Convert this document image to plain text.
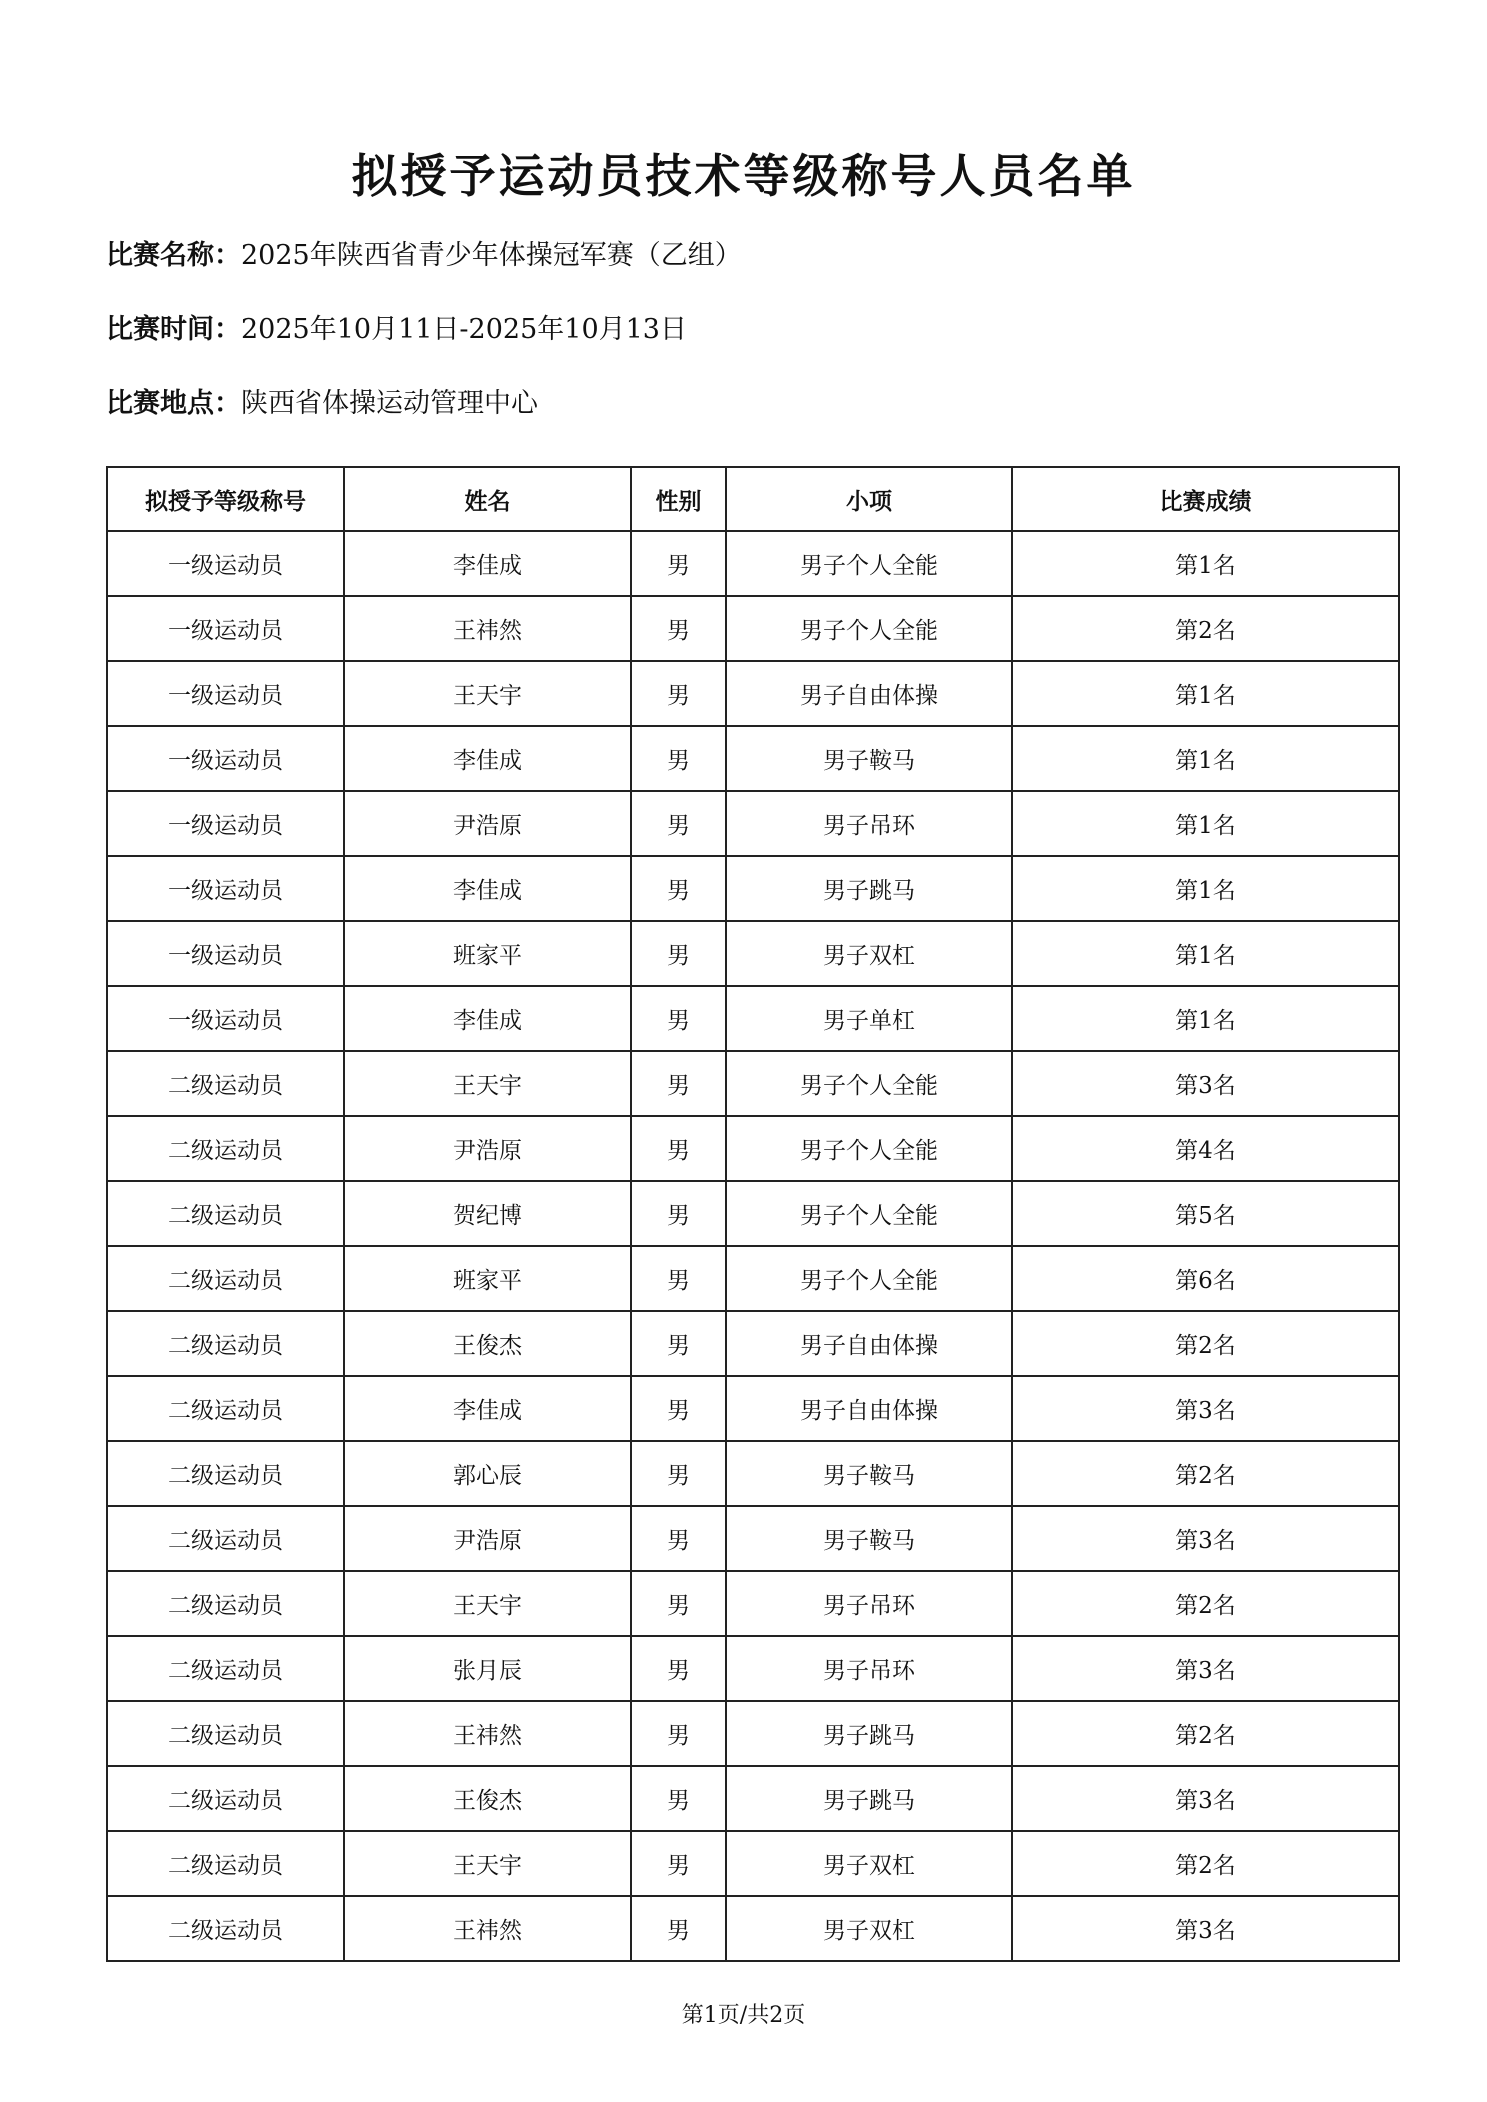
拟授予运动员技术等级称号人员名单
比赛名称：2025年陕西省青少年体操冠军赛（乙组）
比赛时间：2025年10月11日-2025年10月13日
比赛地点：陕西省体操运动管理中心
拟授予等级称号	姓名	性别	小项	比赛成绩
一级运动员	李佳成	男	男子个人全能	第1名
一级运动员	王祎然	男	男子个人全能	第2名
一级运动员	王天宇	男	男子自由体操	第1名
一级运动员	李佳成	男	男子鞍马	第1名
一级运动员	尹浩原	男	男子吊环	第1名
一级运动员	李佳成	男	男子跳马	第1名
一级运动员	班家平	男	男子双杠	第1名
一级运动员	李佳成	男	男子单杠	第1名
二级运动员	王天宇	男	男子个人全能	第3名
二级运动员	尹浩原	男	男子个人全能	第4名
二级运动员	贺纪博	男	男子个人全能	第5名
二级运动员	班家平	男	男子个人全能	第6名
二级运动员	王俊杰	男	男子自由体操	第2名
二级运动员	李佳成	男	男子自由体操	第3名
二级运动员	郭心辰	男	男子鞍马	第2名
二级运动员	尹浩原	男	男子鞍马	第3名
二级运动员	王天宇	男	男子吊环	第2名
二级运动员	张月辰	男	男子吊环	第3名
二级运动员	王祎然	男	男子跳马	第2名
二级运动员	王俊杰	男	男子跳马	第3名
二级运动员	王天宇	男	男子双杠	第2名
二级运动员	王祎然	男	男子双杠	第3名
第1页/共2页
